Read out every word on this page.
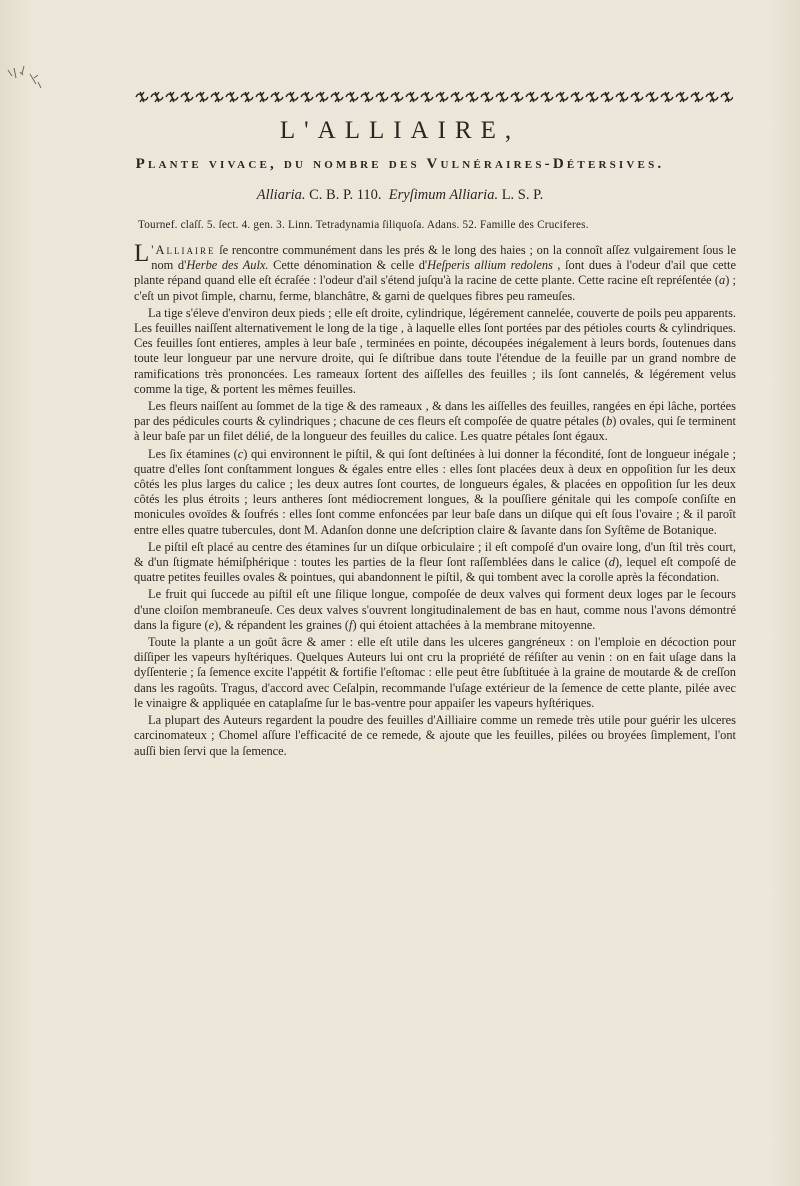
L'ALLIAIRE,
Plante vivace, du nombre des Vulnéraires-Déterſives.
Alliaria. C. B. P. 110. Eryſimum Alliaria. L. S. P.
Tournef. claſſ. 5. ſect. 4. gen. 3. Linn. Tetradynamia ſiliquoſa. Adans. 52. Famille des Cruciferes.

L 'Alliaire ſe rencontre communément dans les prés & le long des haies ; on la connoît aſſez vulgairement ſous le nom d'Herbe des Aulx. Cette dénomination & celle d'Heſperis allium redolens , ſont dues à l'odeur d'ail que cette plante répand quand elle eſt écraſée : l'odeur d'ail s'étend juſqu'à la racine de cette plante. Cette racine eſt repréſentée (a) ; c'eſt un pivot ſimple, charnu, ferme, blanchâtre, & garni de quelques fibres peu rameuſes.

La tige s'éleve d'environ deux pieds ; elle eſt droite, cylindrique, légérement cannelée, couverte de poils peu apparents. Les feuilles naiſſent alternativement le long de la tige , à laquelle elles ſont portées par des pétioles courts & cylindriques. Ces feuilles ſont entieres, amples à leur baſe , terminées en pointe, découpées inégalement à leurs bords, ſoutenues dans toute leur longueur par une nervure droite, qui ſe diſtribue dans toute l'étendue de la feuille par un grand nombre de ramifications très prononcées. Les rameaux ſortent des aiſſelles des feuilles ; ils ſont cannelés, & légérement velus comme la tige, & portent les mêmes feuilles.

Les fleurs naiſſent au ſommet de la tige & des rameaux , & dans les aiſſelles des feuilles, rangées en épi lâche, portées par des pédicules courts & cylindriques ; chacune de ces fleurs eſt compoſée de quatre pétales (b) ovales, qui ſe terminent à leur baſe par un filet délié, de la longueur des feuilles du calice. Les quatre pétales ſont égaux.

Les ſix étamines (c) qui environnent le piſtil, & qui ſont deſtinées à lui donner la fécondité, ſont de longueur inégale ; quatre d'elles ſont conſtamment longues & égales entre elles : elles ſont placées deux à deux en oppoſition ſur les deux côtés les plus larges du calice ; les deux autres ſont courtes, de longueurs égales, & placées en oppoſition ſur les deux côtés les plus étroits ; leurs antheres ſont médiocrement longues, & la pouſſiere génitale qui les compoſe conſiſte en monicules ovoïdes & ſoufrés : elles ſont comme enfoncées par leur baſe dans un diſque qui eſt ſous l'ovaire ; & il paroît entre elles quatre tubercules, dont M. Adanſon donne une deſcription claire & ſavante dans ſon Syſtême de Botanique.

Le piſtil eſt placé au centre des étamines ſur un diſque orbiculaire ; il eſt compoſé d'un ovaire long, d'un ſtil très court, & d'un ſtigmate hémiſphérique : toutes les parties de la fleur ſont raſſemblées dans le calice (d), lequel eſt compoſé de quatre petites feuilles ovales & pointues, qui abandonnent le piſtil, & qui tombent avec la corolle après la fécondation.

Le fruit qui ſuccede au piſtil eſt une ſilique longue, compoſée de deux valves qui forment deux loges par le ſecours d'une cloiſon membraneuſe. Ces deux valves s'ouvrent longitudinalement de bas en haut, comme nous l'avons démontré dans la figure (e), & répandent les graines (f) qui étoient attachées à la membrane mitoyenne.

Toute la plante a un goût âcre & amer : elle eſt utile dans les ulceres gangréneux : on l'emploie en décoction pour diſſiper les vapeurs hyſtériques. Quelques Auteurs lui ont cru la propriété de réſiſter au venin : on en fait uſage dans la dyſſenterie ; ſa ſemence excite l'appétit & fortifie l'eſtomac : elle peut être ſubſtituée à la graine de moutarde & de creſſon dans les ragoûts. Tragus, d'accord avec Ceſalpin, recommande l'uſage extérieur de la ſemence de cette plante, pilée avec le vinaigre & appliquée en cataplaſme ſur le bas-ventre pour appaiſer les vapeurs hyſtériques.

La plupart des Auteurs regardent la poudre des feuilles d'Ailliaire comme un remede très utile pour guérir les ulceres carcinomateux ; Chomel aſſure l'efficacité de ce remede, & ajoute que les feuilles, pilées ou broyées ſimplement, l'ont auſſi bien ſervi que la ſemence.
